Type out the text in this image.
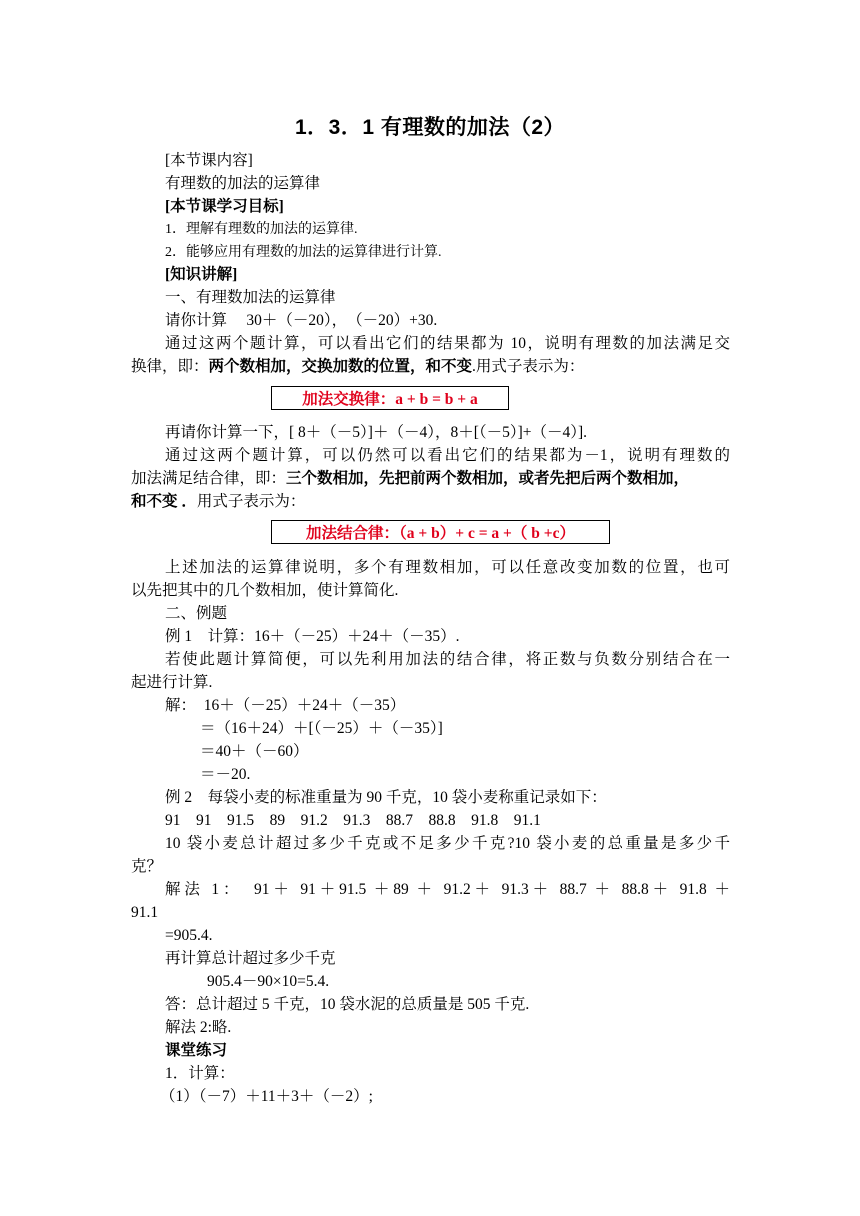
1．3．1 有理数的加法（2）
[本节课内容]
有理数的加法的运算律
[本节课学习目标]
1．理解有理数的加法的运算律.
2．能够应用有理数的加法的运算律进行计算.
[知识讲解]
一、有理数加法的运算律
请你计算　 30＋（－20），　（－20）+30.
通过这两个题计算，可以看出它们的结果都为 10，说明有理数的加法满足交
换律，即：两个数相加，交换加数的位置，和不变.用式子表示为：
加法交换律：a + b = b + a
再请你计算一下，[ 8＋（－5）]＋（－4），8＋[（－5）]+（－4）].
通过这两个题计算，可以仍然可以看出它们的结果都为－1，说明有理数的
加法满足结合律，即：三个数相加，先把前两个数相加，或者先把后两个数相加，
和不变 ．用式子表示为：
加法结合律：（a + b）+ c = a +（ b +c）
上述加法的运算律说明，多个有理数相加，可以任意改变加数的位置，也可
以先把其中的几个数相加，使计算简化.
二、例题
例 1　计算：16＋（－25）＋24＋（－35）.
若使此题计算简便，可以先利用加法的结合律，将正数与负数分别结合在一
起进行计算.
解：　16＋（－25）＋24＋（－35）
＝（16＋24）＋[（－25）＋（－35）]
＝40＋（－60）
＝－20.
例 2　每袋小麦的标准重量为 90 千克，10 袋小麦称重记录如下：
91　91　91.5　89　91.2　91.3　88.7　88.8　91.8　91.1
10 袋小麦总计超过多少千克或不足多少千克?10 袋小麦的总重量是多少千
克？
解法 1：　91＋ 91＋91.5 ＋89 ＋ 91.2＋ 91.3＋ 88.7 ＋ 88.8＋ 91.8 ＋
91.1
=905.4.
再计算总计超过多少千克
905.4－90×10=5.4.
答：总计超过 5 千克，10 袋水泥的总质量是 505 千克.
解法 2:略.
课堂练习
1．计算：
（1）（－7）＋11＋3＋（－2）;
